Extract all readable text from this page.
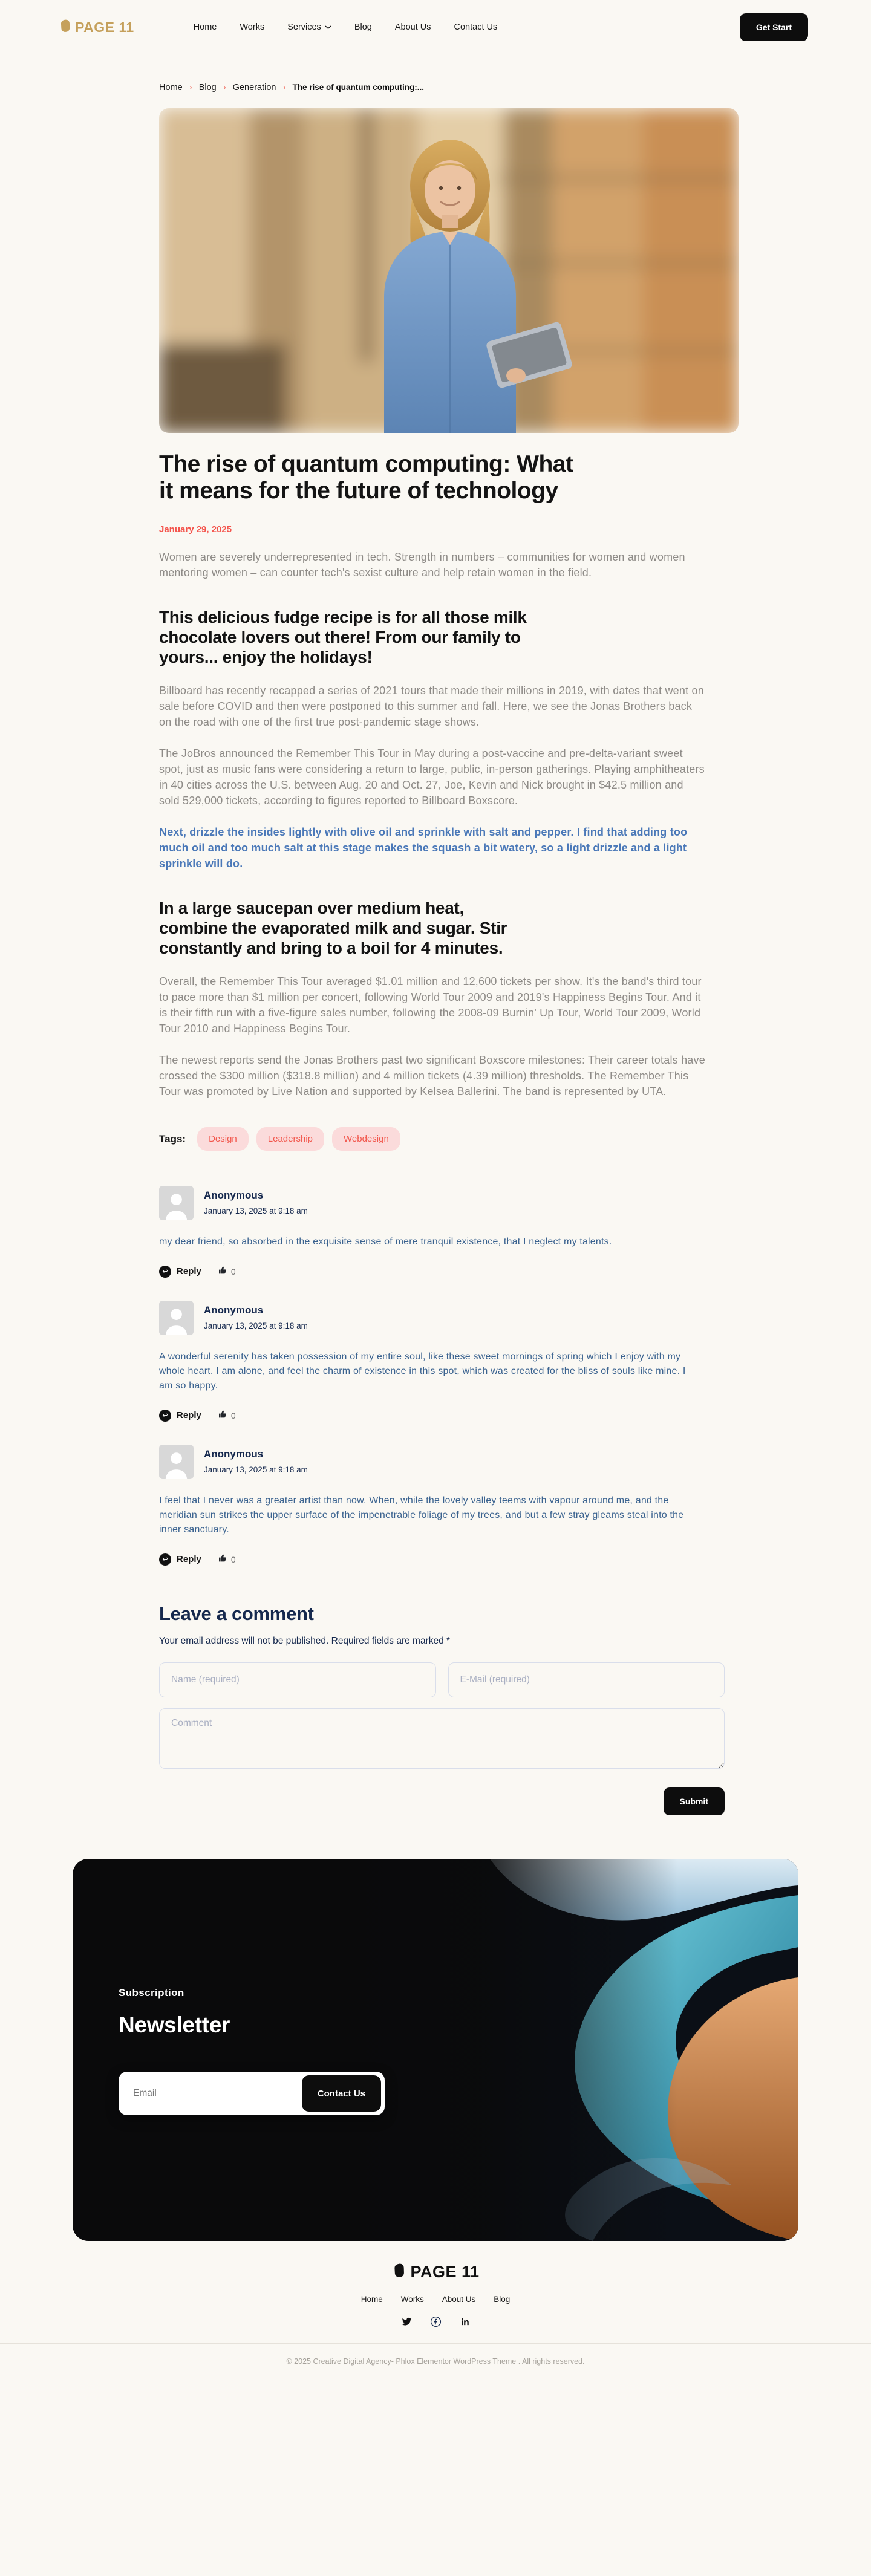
PAGE 11	Home	Works	Services	Blog	About Us	Contact Us	Get Start
Home › Blog › Generation › The rise of quantum computing:...
The rise of quantum computing: What it means for the future of technology
January 29, 2025

Women are severely underrepresented in tech. Strength in numbers – communities for women and women mentoring women – can counter tech's sexist culture and help retain women in the field.

This delicious fudge recipe is for all those milk chocolate lovers out there! From our family to yours... enjoy the holidays!

Billboard has recently recapped a series of 2021 tours that made their millions in 2019, with dates that went on sale before COVID and then were postponed to this summer and fall. Here, we see the Jonas Brothers back on the road with one of the first true post-pandemic stage shows.

The JoBros announced the Remember This Tour in May during a post-vaccine and pre-delta-variant sweet spot, just as music fans were considering a return to large, public, in-person gatherings. Playing amphitheaters in 40 cities across the U.S. between Aug. 20 and Oct. 27, Joe, Kevin and Nick brought in $42.5 million and sold 529,000 tickets, according to figures reported to Billboard Boxscore.

Next, drizzle the insides lightly with olive oil and sprinkle with salt and pepper. I find that adding too much oil and too much salt at this stage makes the squash a bit watery, so a light drizzle and a light sprinkle will do.

In a large saucepan over medium heat, combine the evaporated milk and sugar. Stir constantly and bring to a boil for 4 minutes.

Overall, the Remember This Tour averaged $1.01 million and 12,600 tickets per show. It's the band's third tour to pace more than $1 million per concert, following World Tour 2009 and 2019's Happiness Begins Tour. And it is their fifth run with a five-figure sales number, following the 2008-09 Burnin' Up Tour, World Tour 2009, World Tour 2010 and Happiness Begins Tour.

The newest reports send the Jonas Brothers past two significant Boxscore milestones: Their career totals have crossed the $300 million ($318.8 million) and 4 million tickets (4.39 million) thresholds. The Remember This Tour was promoted by Live Nation and supported by Kelsea Ballerini. The band is represented by UTA.

Tags:	Design	Leadership	Webdesign
Anonymous
January 13, 2025 at 9:18 am
my dear friend, so absorbed in the exquisite sense of mere tranquil existence, that I neglect my talents.
↩ Reply	0
Anonymous
January 13, 2025 at 9:18 am
A wonderful serenity has taken possession of my entire soul, like these sweet mornings of spring which I enjoy with my whole heart. I am alone, and feel the charm of existence in this spot, which was created for the bliss of souls like mine. I am so happy.
↩ Reply	0
Anonymous
January 13, 2025 at 9:18 am
I feel that I never was a greater artist than now. When, while the lovely valley teems with vapour around me, and the meridian sun strikes the upper surface of the impenetrable foliage of my trees, and but a few stray gleams steal into the inner sanctuary.
↩ Reply	0
Leave a comment
Your email address will not be published. Required fields are marked *
Name (required)
E-Mail (required)
Comment
Submit
Subscription
Newsletter
Email
Contact Us
PAGE 11
Home Works About Us Blog
© 2025 Creative Digital Agency- Phlox Elementor WordPress Theme . All rights reserved.
